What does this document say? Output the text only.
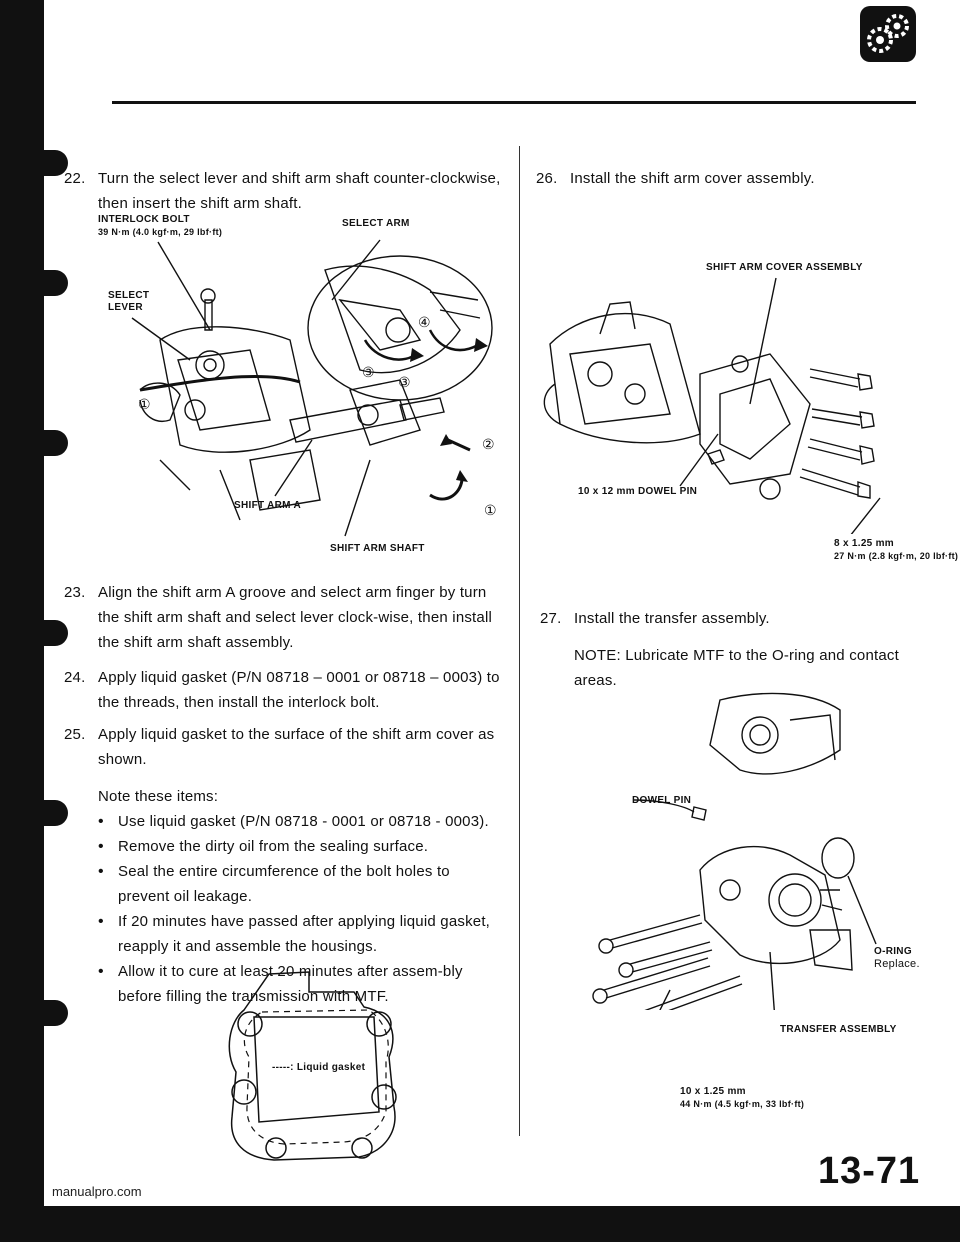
22. Turn the select lever and shift arm shaft counter-clockwise, then insert the shift arm shaft.
INTERLOCK BOLT
39 N·m (4.0 kgf·m, 29 lbf·ft)
SELECT ARM
SELECT
LEVER
SHIFT ARM A
SHIFT ARM SHAFT
④
③
③
②
①
①
23. Align the shift arm A groove and select arm finger by turn the shift arm shaft and select lever clock-wise, then install the shift arm shaft assembly.
24. Apply liquid gasket (P/N 08718 – 0001 or 08718 – 0003) to the threads, then install the interlock bolt.
25. Apply liquid gasket to the surface of the shift arm cover as shown.
Note these items:
• Use liquid gasket (P/N 08718 - 0001 or 08718 - 0003).
• Remove the dirty oil from the sealing surface.
• Seal the entire circumference of the bolt holes to prevent oil leakage.
• If 20 minutes have passed after applying liquid gasket, reapply it and assemble the housings.
• Allow it to cure at least 20 minutes after assem-bly before filling the transmission with MTF.
-----: Liquid gasket
26. Install the shift arm cover assembly.
SHIFT ARM COVER ASSEMBLY
10 x 12 mm DOWEL PIN
8 x 1.25 mm
27 N·m (2.8 kgf·m, 20 lbf·ft)
27. Install the transfer assembly.
NOTE: Lubricate MTF to the O-ring and contact areas.
DOWEL PIN
O-RING
Replace.
TRANSFER ASSEMBLY
10 x 1.25 mm
44 N·m (4.5 kgf·m, 33 lbf·ft)
13-71
manualpro.com
